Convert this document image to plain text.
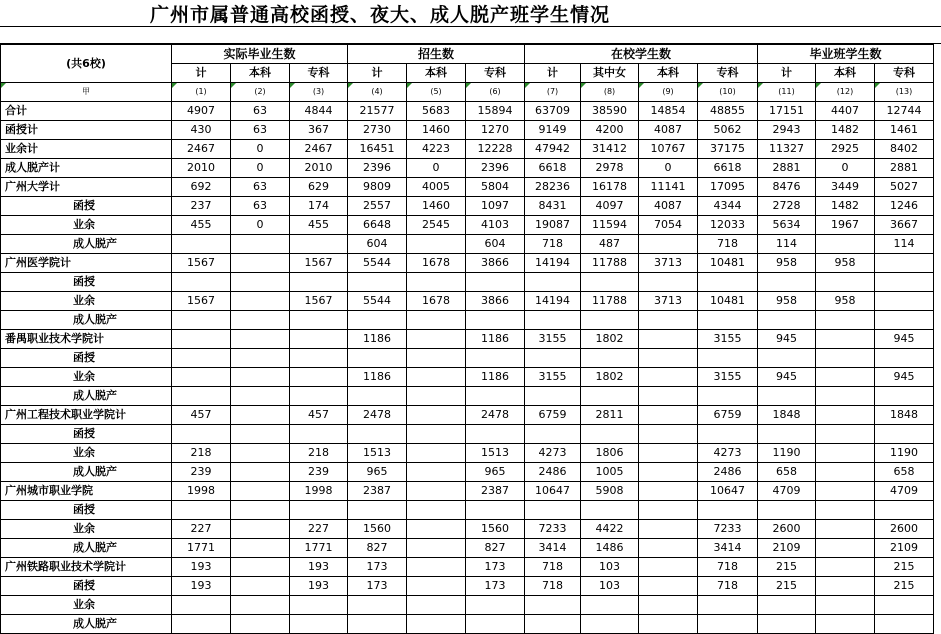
广州市属普通高校函授、夜大、成人脱产班学生情况
(共6校)	实际毕业生数			招生数			在校学生数				毕业班学生数		
	计	本科	专科	计	本科	专科	计	其中女	本科	专科	计	本科	专科
甲	(1)	(2)	(3)	(4)	(5)	(6)	(7)	(8)	(9)	(10)	(11)	(12)	(13)
合计	4907	63	4844	21577	5683	15894	63709	38590	14854	48855	17151	4407	12744
函授计	430	63	367	2730	1460	1270	9149	4200	4087	5062	2943	1482	1461
业余计	2467	0	2467	16451	4223	12228	47942	31412	10767	37175	11327	2925	8402
成人脱产计	2010	0	2010	2396	0	2396	6618	2978	0	6618	2881	0	2881
广州大学计	692	63	629	9809	4005	5804	28236	16178	11141	17095	8476	3449	5027
函授	237	63	174	2557	1460	1097	8431	4097	4087	4344	2728	1482	1246
业余	455	0	455	6648	2545	4103	19087	11594	7054	12033	5634	1967	3667
成人脱产				604		604	718	487		718	114		114
广州医学院计	1567		1567	5544	1678	3866	14194	11788	3713	10481	958	958	
函授													
业余	1567		1567	5544	1678	3866	14194	11788	3713	10481	958	958	
成人脱产													
番禺职业技术学院计				1186		1186	3155	1802		3155	945		945
函授													
业余				1186		1186	3155	1802		3155	945		945
成人脱产													
广州工程技术职业学院计	457		457	2478		2478	6759	2811		6759	1848		1848
函授													
业余	218		218	1513		1513	4273	1806		4273	1190		1190
成人脱产	239		239	965		965	2486	1005		2486	658		658
广州城市职业学院	1998		1998	2387		2387	10647	5908		10647	4709		4709
函授													
业余	227		227	1560		1560	7233	4422		7233	2600		2600
成人脱产	1771		1771	827		827	3414	1486		3414	2109		2109
广州铁路职业技术学院计	193		193	173		173	718	103		718	215		215
函授	193		193	173		173	718	103		718	215		215
业余													
成人脱产													
